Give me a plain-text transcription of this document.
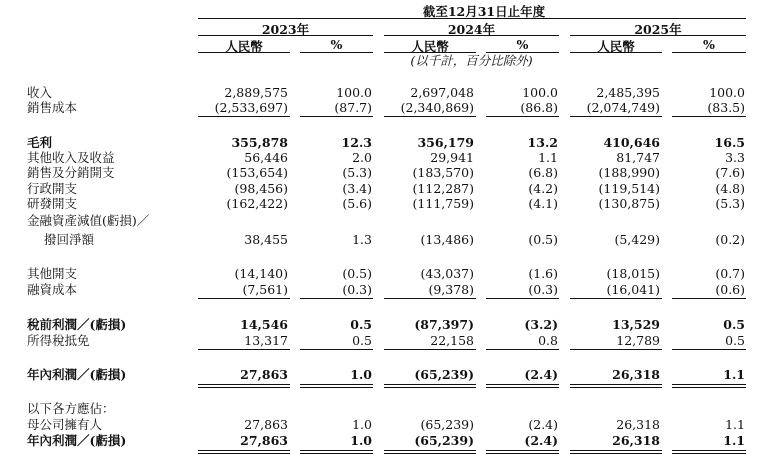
截至12月31日止年度
2023年	2024年	2025年
人民幣	%	人民幣	%	人民幣	%
(以千計，百分比除外)
收入	2,889,575	100.0	2,697,048	100.0	2,485,395	100.0
銷售成本	(2,533,697)	(87.7)	(2,340,869)	(86.8)	(2,074,749)	(83.5)
毛利	355,878	12.3	356,179	13.2	410,646	16.5
其他收入及收益	56,446	2.0	29,941	1.1	81,747	3.3
銷售及分銷開支	(153,654)	(5.3)	(183,570)	(6.8)	(188,990)	(7.6)
行政開支	(98,456)	(3.4)	(112,287)	(4.2)	(119,514)	(4.8)
研發開支	(162,422)	(5.6)	(111,759)	(4.1)	(130,875)	(5.3)
金融資產減值(虧損)／
撥回淨額	38,455	1.3	(13,486)	(0.5)	(5,429)	(0.2)
其他開支	(14,140)	(0.5)	(43,037)	(1.6)	(18,015)	(0.7)
融資成本	(7,561)	(0.3)	(9,378)	(0.3)	(16,041)	(0.6)
稅前利潤／(虧損)	14,546	0.5	(87,397)	(3.2)	13,529	0.5
所得稅抵免	13,317	0.5	22,158	0.8	12,789	0.5
年內利潤／(虧損)	27,863	1.0	(65,239)	(2.4)	26,318	1.1
以下各方應佔：
母公司擁有人	27,863	1.0	(65,239)	(2.4)	26,318	1.1
年內利潤／(虧損)	27,863	1.0	(65,239)	(2.4)	26,318	1.1
